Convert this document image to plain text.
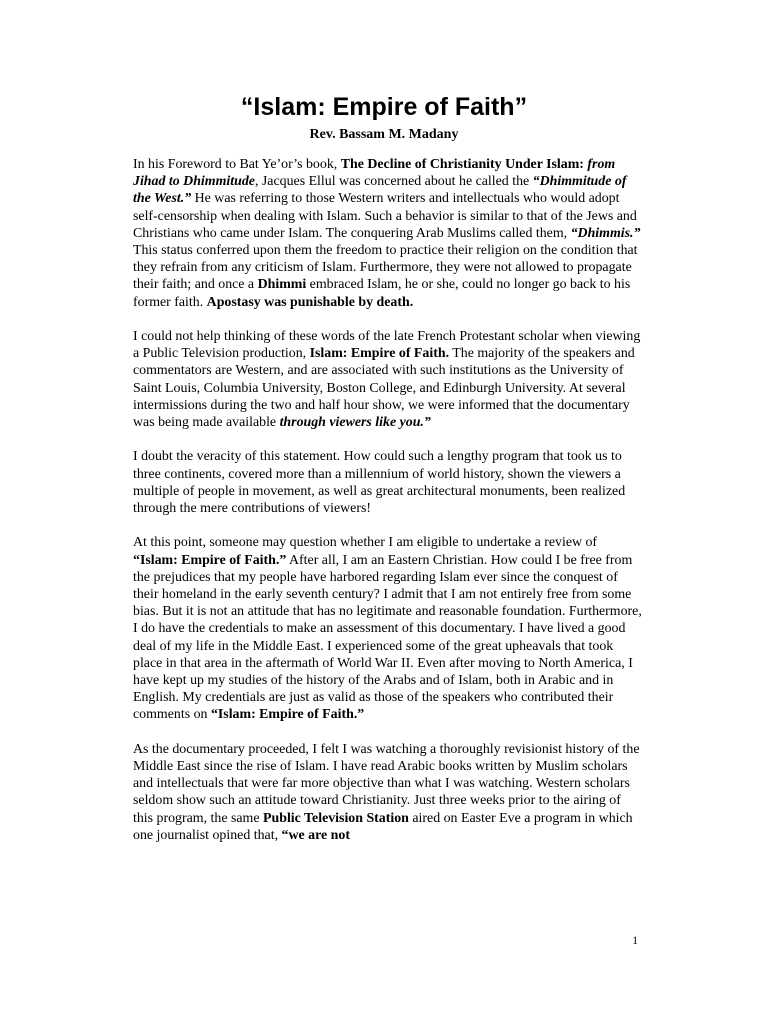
“Islam: Empire of Faith”
Rev. Bassam M. Madany

In his Foreword to Bat Ye’or’s book, The Decline of Christianity Under Islam: from Jihad to Dhimmitude, Jacques Ellul was concerned about he called the “Dhimmitude of the West.” He was referring to those Western writers and intellectuals who would adopt self-censorship when dealing with Islam. Such a behavior is similar to that of the Jews and Christians who came under Islam. The conquering Arab Muslims called them, “Dhimmis.” This status conferred upon them the freedom to practice their religion on the condition that they refrain from any criticism of Islam. Furthermore, they were not allowed to propagate their faith; and once a Dhimmi embraced Islam, he or she, could no longer go back to his former faith. Apostasy was punishable by death.

I could not help thinking of these words of the late French Protestant scholar when viewing a Public Television production, Islam: Empire of Faith. The majority of the speakers and commentators are Western, and are associated with such institutions as the University of Saint Louis, Columbia University, Boston College, and Edinburgh University. At several intermissions during the two and half hour show, we were informed that the documentary was being made available through viewers like you.”

I doubt the veracity of this statement. How could such a lengthy program that took us to three continents, covered more than a millennium of world history, shown the viewers a multiple of people in movement, as well as great architectural monuments, been realized through the mere contributions of viewers!

At this point, someone may question whether I am eligible to undertake a review of “Islam: Empire of Faith.” After all, I am an Eastern Christian. How could I be free from the prejudices that my people have harbored regarding Islam ever since the conquest of their homeland in the early seventh century? I admit that I am not entirely free from some bias. But it is not an attitude that has no legitimate and reasonable foundation. Furthermore, I do have the credentials to make an assessment of this documentary. I have lived a good deal of my life in the Middle East. I experienced some of the great upheavals that took place in that area in the aftermath of World War II. Even after moving to North America, I have kept up my studies of the history of the Arabs and of Islam, both in Arabic and in English. My credentials are just as valid as those of the speakers who contributed their comments on “Islam: Empire of Faith.”

As the documentary proceeded, I felt I was watching a thoroughly revisionist history of the Middle East since the rise of Islam. I have read Arabic books written by Muslim scholars and intellectuals that were far more objective than what I was watching. Western scholars seldom show such an attitude toward Christianity. Just three weeks prior to the airing of this program, the same Public Television Station aired on Easter Eve a program in which one journalist opined that, “we are not

1
